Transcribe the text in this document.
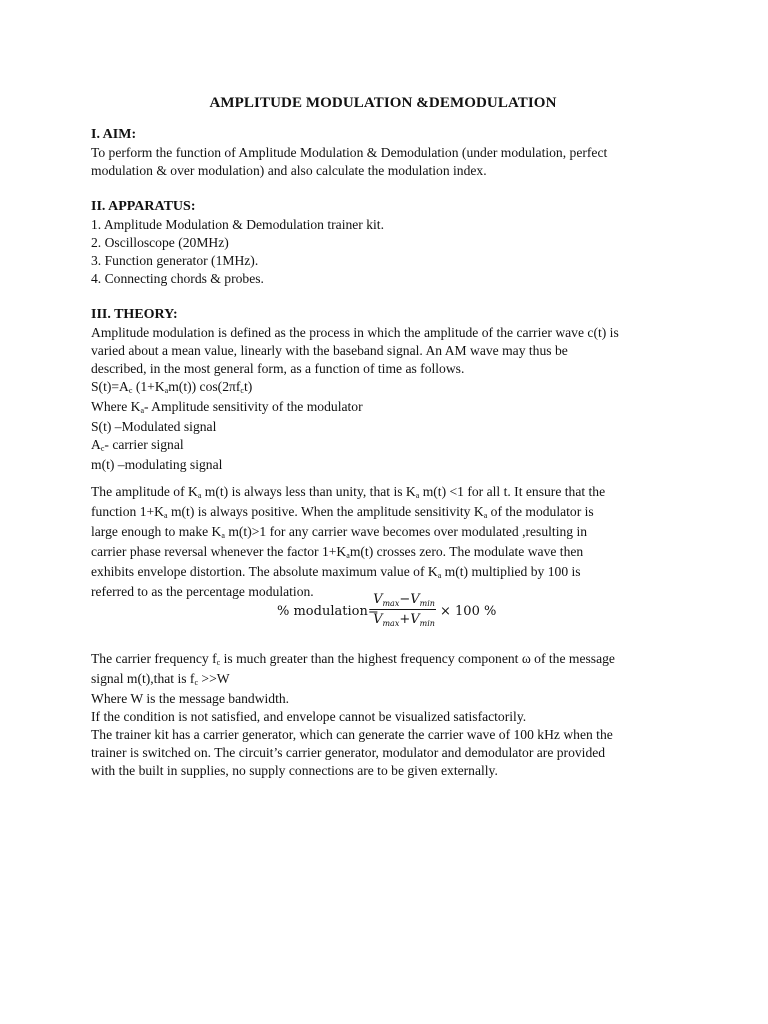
AMPLITUDE MODULATION &DEMODULATION
I. AIM:
To perform the function of Amplitude Modulation & Demodulation (under modulation, perfect
modulation & over modulation) and also calculate the modulation index.
II. APPARATUS:
1. Amplitude Modulation & Demodulation trainer kit.
2. Oscilloscope (20MHz)
3. Function generator (1MHz).
4. Connecting chords & probes.
III. THEORY:
Amplitude modulation is defined as the process in which the amplitude of the carrier wave c(t) is
varied about a mean value, linearly with the baseband signal. An AM wave may thus be
described, in the most general form, as a function of time as follows.
S(t)=Ac (1+Kam(t)) cos(2πfct)
Where Ka- Amplitude sensitivity of the modulator
S(t) –Modulated signal
Ac- carrier signal
m(t) –modulating signal
The amplitude of Ka m(t) is always less than unity, that is Ka m(t) <1 for all t. It ensure that the
function 1+Ka m(t) is always positive. When the amplitude sensitivity Ka of the modulator is
large enough to make Ka m(t)>1 for any carrier wave becomes over modulated ,resulting in
carrier phase reversal whenever the factor 1+Kam(t) crosses zero. The modulate wave then
exhibits envelope distortion. The absolute maximum value of Ka m(t) multiplied by 100 is
referred to as the percentage modulation.
% modulation=
$V_{max}-V_{min}$
$V_{max}+V_{min}$
× 100 %
The carrier frequency fc is much greater than the highest frequency component ω of the message
signal m(t),that is fc >>W
Where W is the message bandwidth.
If the condition is not satisfied, and envelope cannot be visualized satisfactorily.
The trainer kit has a carrier generator, which can generate the carrier wave of 100 kHz when the
trainer is switched on. The circuit’s carrier generator, modulator and demodulator are provided
with the built in supplies, no supply connections are to be given externally.
